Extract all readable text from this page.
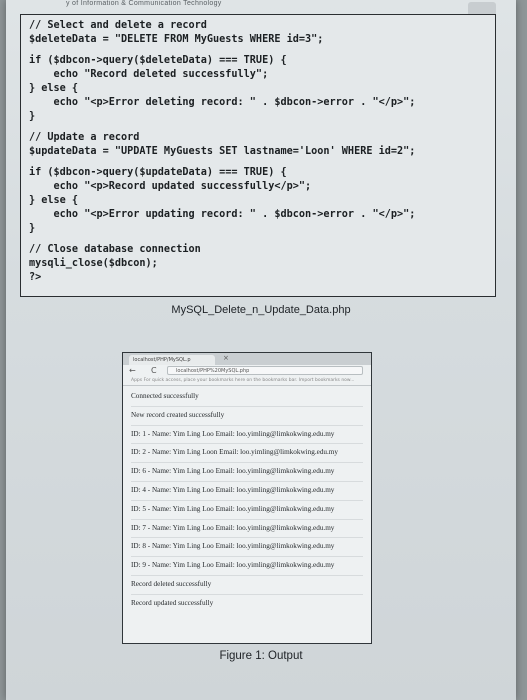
y of Information & Communication Technology
// Select and delete a record
$deleteData = "DELETE FROM MyGuests WHERE id=3";
if ($dbcon->query($deleteData) === TRUE) {
echo "Record deleted successfully";
} else {
echo "<p>Error deleting record: " . $dbcon->error . "</p>";
}
// Update a record
$updateData = "UPDATE MyGuests SET lastname='Loon' WHERE id=2";
if ($dbcon->query($updateData) === TRUE) {
echo "<p>Record updated successfully</p>";
} else {
echo "<p>Error updating record: " . $dbcon->error . "</p>";
}
// Close database connection
mysqli_close($dbcon);
?>
MySQL_Delete_n_Update_Data.php
localhost/PHP/MySQL.p	×
← C	localhost/PHP%20MySQL.php
Apps For quick access, place your bookmarks here on the bookmarks bar. Import bookmarks now...
Connected successfully
New record created successfully
ID: 1 - Name: Yim Ling Loo Email: loo.yimling@limkokwing.edu.my
ID: 2 - Name: Yim Ling Loon Email: loo.yimling@limkokwing.edu.my
ID: 6 - Name: Yim Ling Loo Email: loo.yimling@limkokwing.edu.my
ID: 4 - Name: Yim Ling Loo Email: loo.yimling@limkokwing.edu.my
ID: 5 - Name: Yim Ling Loo Email: loo.yimling@limkokwing.edu.my
ID: 7 - Name: Yim Ling Loo Email: loo.yimling@limkokwing.edu.my
ID: 8 - Name: Yim Ling Loo Email: loo.yimling@limkokwing.edu.my
ID: 9 - Name: Yim Ling Loo Email: loo.yimling@limkokwing.edu.my
Record deleted successfully
Record updated successfully
Figure 1: Output
